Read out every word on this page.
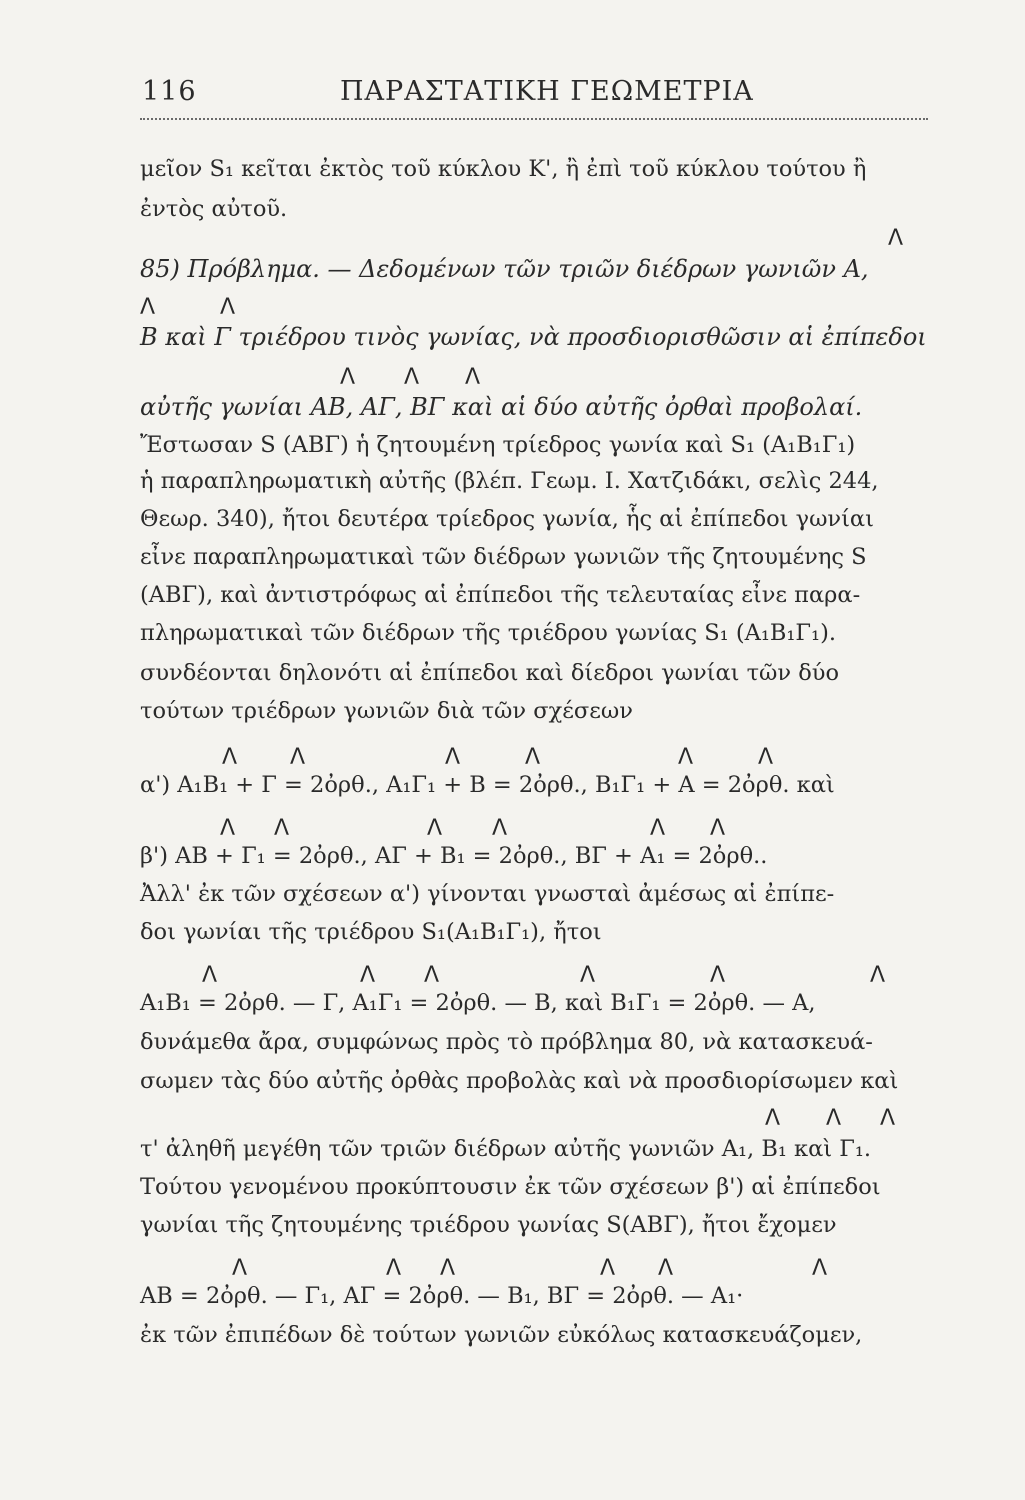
116	ΠΑΡΑΣΤΑΤΙΚΗ ΓΕΩΜΕΤΡΙΑ
Λ
Λ	Λ
Λ Λ Λ
Λ Λ	Λ	Λ	Λ	Λ
Λ Λ	Λ Λ	Λ Λ
Λ	Λ Λ	Λ	Λ	Λ
Λ Λ Λ
Λ	Λ Λ	Λ Λ	Λ
μεῖον S₁ κεῖται ἐκτὸς τοῦ κύκλου Κ', ἢ ἐπὶ τοῦ κύκλου τούτου ἢ
ἐντὸς αὐτοῦ.
85) Πρόβλημα. — Δεδομένων τῶν τριῶν διέδρων γωνιῶν Α,
Β καὶ Γ τριέδρου τινὸς γωνίας, νὰ προσδιορισθῶσιν αἱ ἐπίπεδοι
αὐτῆς γωνίαι ΑΒ, ΑΓ, ΒΓ καὶ αἱ δύο αὐτῆς ὀρθαὶ προβολαί.
Ἔστωσαν S (ΑΒΓ) ἡ ζητουμένη τρίεδρος γωνία καὶ S₁ (Α₁Β₁Γ₁)
ἡ παραπληρωματικὴ αὐτῆς (βλέπ. Γεωμ. Ι. Χατζιδάκι, σελὶς 244,
Θεωρ. 340), ἤτοι δευτέρα τρίεδρος γωνία, ἧς αἱ ἐπίπεδοι γωνίαι
εἶνε παραπληρωματικαὶ τῶν διέδρων γωνιῶν τῆς ζητουμένης S
(ΑΒΓ), καὶ ἀντιστρόφως αἱ ἐπίπεδοι τῆς τελευταίας εἶνε παρα-
πληρωματικαὶ τῶν διέδρων τῆς τριέδρου γωνίας S₁ (Α₁Β₁Γ₁).
συνδέονται δηλονότι αἱ ἐπίπεδοι καὶ δίεδροι γωνίαι τῶν δύο
τούτων τριέδρων γωνιῶν διὰ τῶν σχέσεων
α') Α₁Β₁ + Γ = 2ὀρθ., Α₁Γ₁ + Β = 2ὀρθ., Β₁Γ₁ + Α = 2ὀρθ. καὶ
β') ΑΒ + Γ₁ = 2ὀρθ., ΑΓ + Β₁ = 2ὀρθ., ΒΓ + Α₁ = 2ὀρθ..
Ἀλλ' ἐκ τῶν σχέσεων α') γίνονται γνωσταὶ ἀμέσως αἱ ἐπίπε-
δοι γωνίαι τῆς τριέδρου S₁(Α₁Β₁Γ₁), ἤτοι
Α₁Β₁ = 2ὀρθ. — Γ, Α₁Γ₁ = 2ὀρθ. — Β, καὶ Β₁Γ₁ = 2ὀρθ. — Α,
δυνάμεθα ἄρα, συμφώνως πρὸς τὸ πρόβλημα 80, νὰ κατασκευά-
σωμεν τὰς δύο αὐτῆς ὀρθὰς προβολὰς καὶ νὰ προσδιορίσωμεν καὶ
τ' ἀληθῆ μεγέθη τῶν τριῶν διέδρων αὐτῆς γωνιῶν Α₁, Β₁ καὶ Γ₁.
Τούτου γενομένου προκύπτουσιν ἐκ τῶν σχέσεων β') αἱ ἐπίπεδοι
γωνίαι τῆς ζητουμένης τριέδρου γωνίας S(ΑΒΓ), ἤτοι ἔχομεν
ΑΒ = 2ὀρθ. — Γ₁, ΑΓ = 2ὀρθ. — Β₁, ΒΓ = 2ὀρθ. — Α₁·
ἐκ τῶν ἐπιπέδων δὲ τούτων γωνιῶν εὐκόλως κατασκευάζομεν,
